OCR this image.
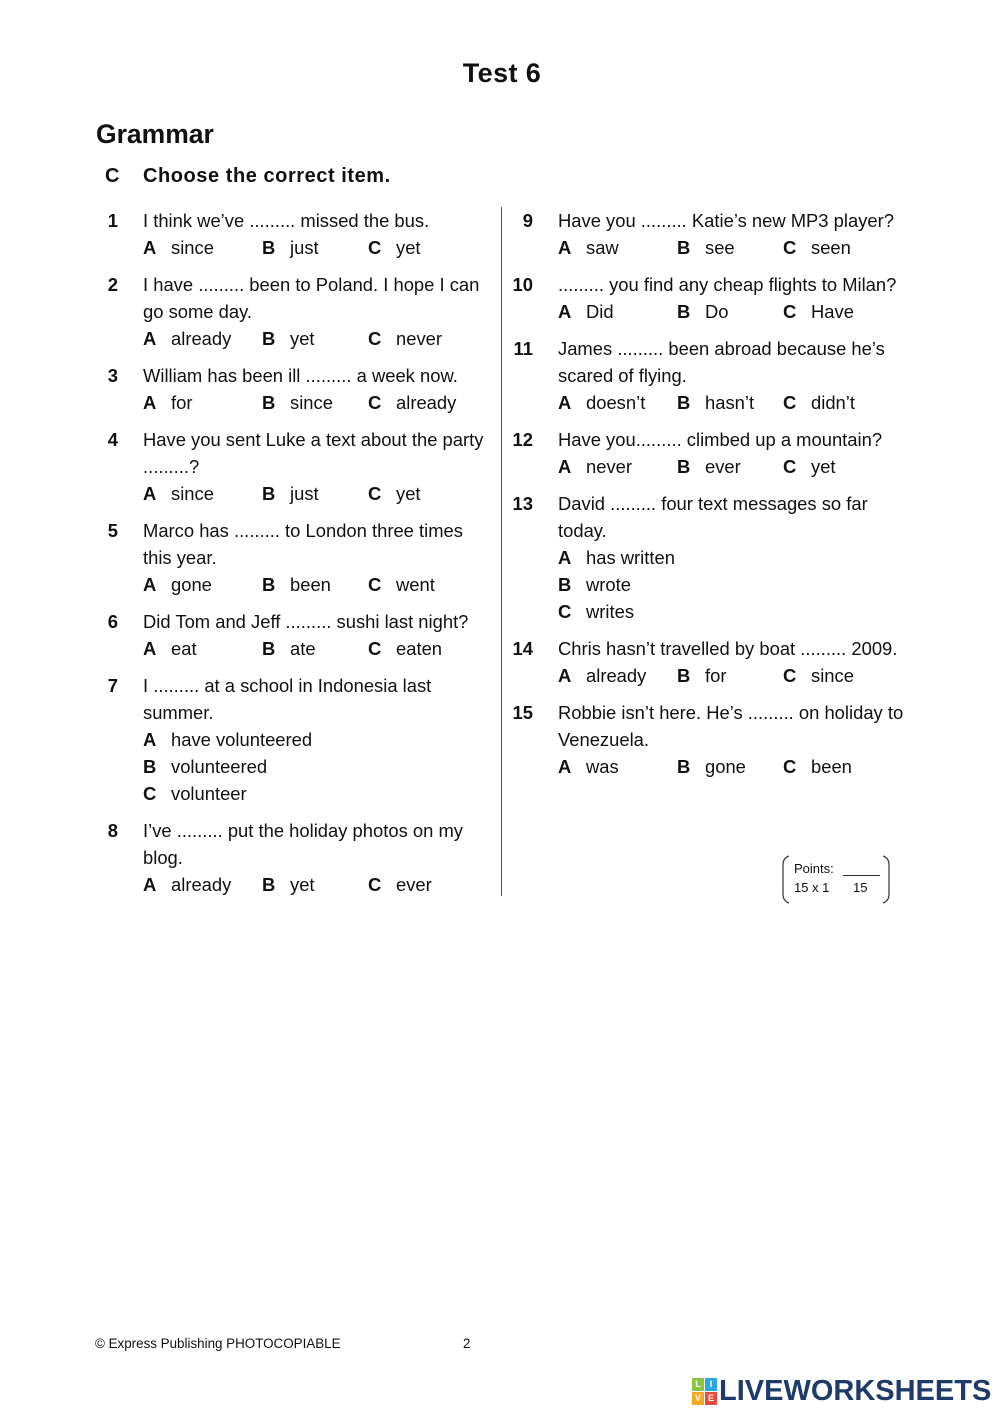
Test 6
Grammar
C Choose the correct item.
1 I think we’ve ......... missed the bus.
A since	B just	C yet
2 I have ......... been to Poland. I hope I can
go some day.
A already B yet	C never
3 William has been ill ......... a week now.
A for	B since C already
4 Have you sent Luke a text about the party
.........?
A since	B just	C yet
5 Marco has ......... to London three times
this year.
A gone	B been C went
6 Did Tom and Jeff ......... sushi last night?
A eat	B ate	C eaten
7 I ......... at a school in Indonesia last
summer.
A have volunteered
B volunteered
C volunteer
8 I’ve ......... put the holiday photos on my
blog.
A already B yet	C ever
9 Have you ......... Katie’s new MP3 player?
A saw	B see	C seen
10 ......... you find any cheap flights to Milan?
A Did	B Do	C Have
11 James ......... been abroad because he’s
scared of flying.
A doesn’t B hasn’t C didn’t
12 Have you......... climbed up a mountain?
A never B ever C yet
13 David ......... four text messages so far
today.
A has written
B wrote
C writes
14 Chris hasn’t travelled by boat ......... 2009.
A already B for	C since
15 Robbie isn’t here. He’s ......... on holiday to
Venezuela.
A was	B gone C been
Points:
15 x 1 15
© Express Publishing PHOTOCOPIABLE	2
L I
V E LIVEWORKSHEETS
